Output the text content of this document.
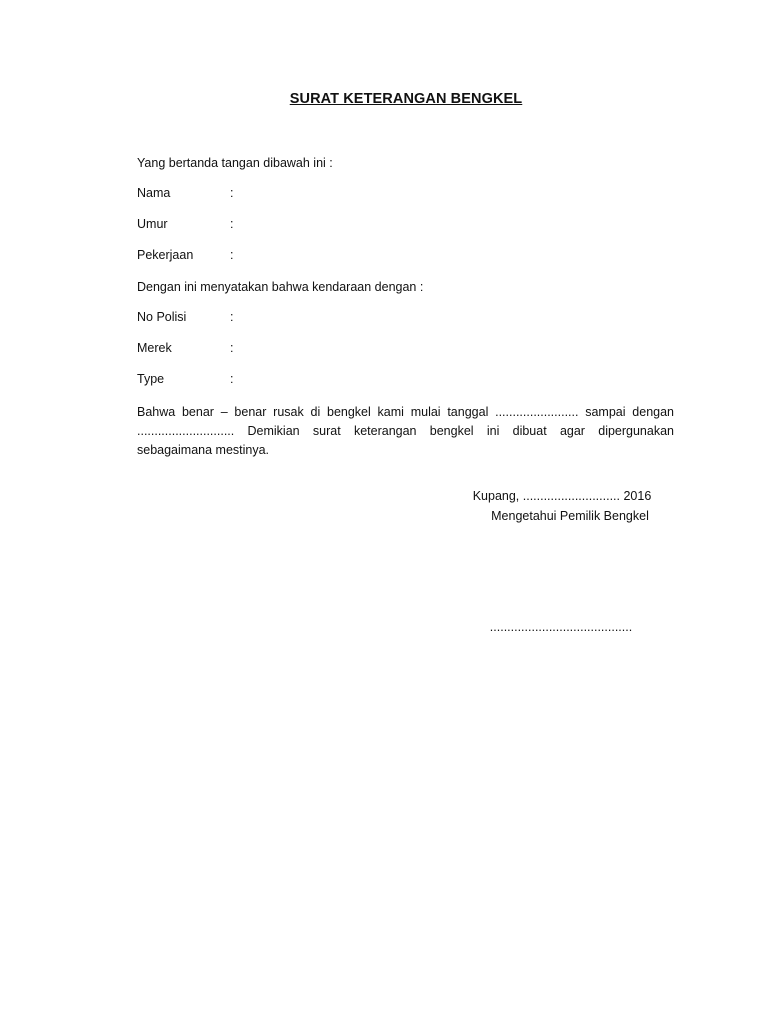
SURAT KETERANGAN BENGKEL
Yang bertanda tangan dibawah ini :
Nama	:
Umur	:
Pekerjaan	:
Dengan ini menyatakan bahwa kendaraan dengan :
No Polisi	:
Merek	:
Type	:
Bahwa benar – benar rusak di bengkel kami mulai tanggal ........................ sampai dengan ............................ Demikian surat keterangan bengkel ini dibuat agar dipergunakan sebagaimana mestinya.
Kupang, ............................ 2016
Mengetahui Pemilik Bengkel
.........................................
